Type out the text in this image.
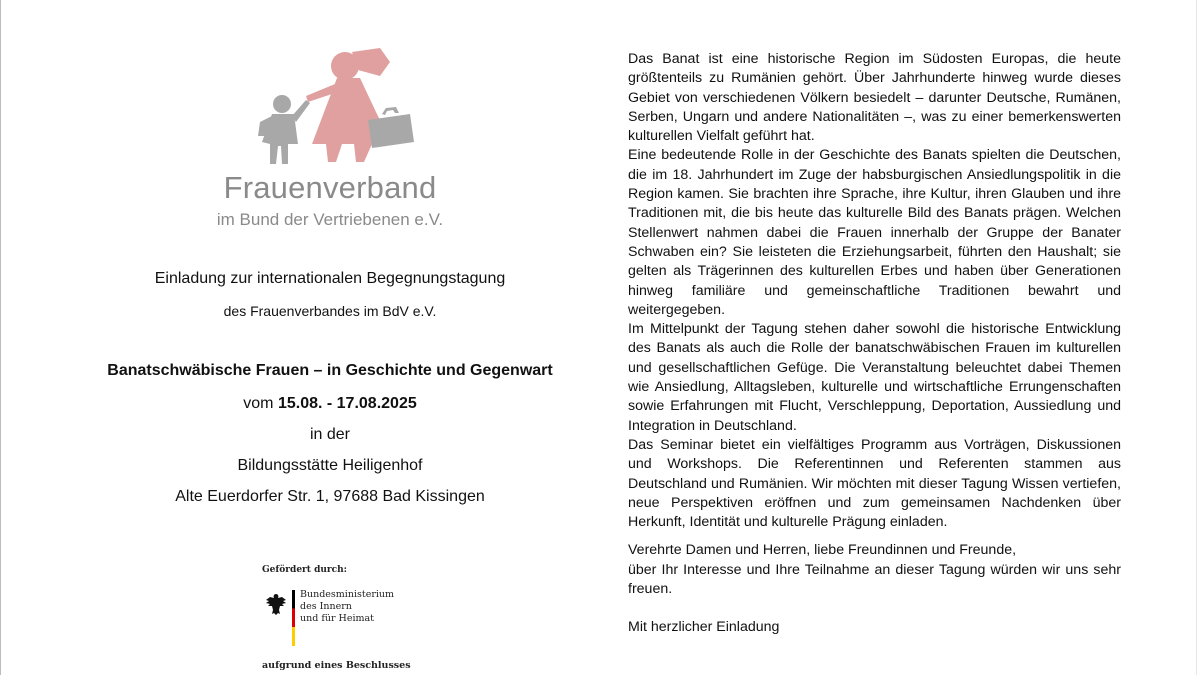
Frauenverband
im Bund der Vertriebenen e.V.
Einladung zur internationalen Begegnungstagung
des Frauenverbandes im BdV e.V.
Banatschwäbische Frauen – in Geschichte und Gegenwart
vom 15.08. - 17.08.2025
in der
Bildungsstätte Heiligenhof
Alte Euerdorfer Str. 1, 97688 Bad Kissingen
Gefördert durch:
Bundesministerium
des Innern
und für Heimat
aufgrund eines Beschlusses

Das Banat ist eine historische Region im Südosten Europas, die heute größtenteils zu Rumänien gehört. Über Jahrhunderte hinweg wurde dieses Gebiet von verschiedenen Völkern besiedelt – darunter Deutsche, Rumänen, Serben, Ungarn und andere Nationalitäten –, was zu einer bemerkenswerten kulturellen Vielfalt geführt hat.

Eine bedeutende Rolle in der Geschichte des Banats spielten die Deutschen, die im 18. Jahrhundert im Zuge der habsburgischen Ansiedlungspolitik in die Region kamen. Sie brachten ihre Sprache, ihre Kultur, ihren Glauben und ihre Traditionen mit, die bis heute das kulturelle Bild des Banats prägen. Welchen Stellenwert nahmen dabei die Frauen innerhalb der Gruppe der Banater Schwaben ein? Sie leisteten die Erziehungsarbeit, führten den Haushalt; sie gelten als Trägerinnen des kulturellen Erbes und haben über Generationen hinweg familiäre und gemeinschaftliche Traditionen bewahrt und weitergegeben.

Im Mittelpunkt der Tagung stehen daher sowohl die historische Entwicklung des Banats als auch die Rolle der banatschwäbischen Frauen im kulturellen und gesellschaftlichen Gefüge. Die Veranstaltung beleuchtet dabei Themen wie Ansiedlung, Alltagsleben, kulturelle und wirtschaftliche Errungenschaften sowie Erfahrungen mit Flucht, Verschleppung, Deportation, Aussiedlung und Integration in Deutschland.

Das Seminar bietet ein vielfältiges Programm aus Vorträgen, Diskussionen und Workshops. Die Referentinnen und Referenten stammen aus Deutschland und Rumänien. Wir möchten mit dieser Tagung Wissen vertiefen, neue Perspektiven eröffnen und zum gemeinsamen Nachdenken über Herkunft, Identität und kulturelle Prägung einladen.

Verehrte Damen und Herren, liebe Freundinnen und Freunde,

über Ihr Interesse und Ihre Teilnahme an dieser Tagung würden wir uns sehr freuen.

Mit herzlicher Einladung
